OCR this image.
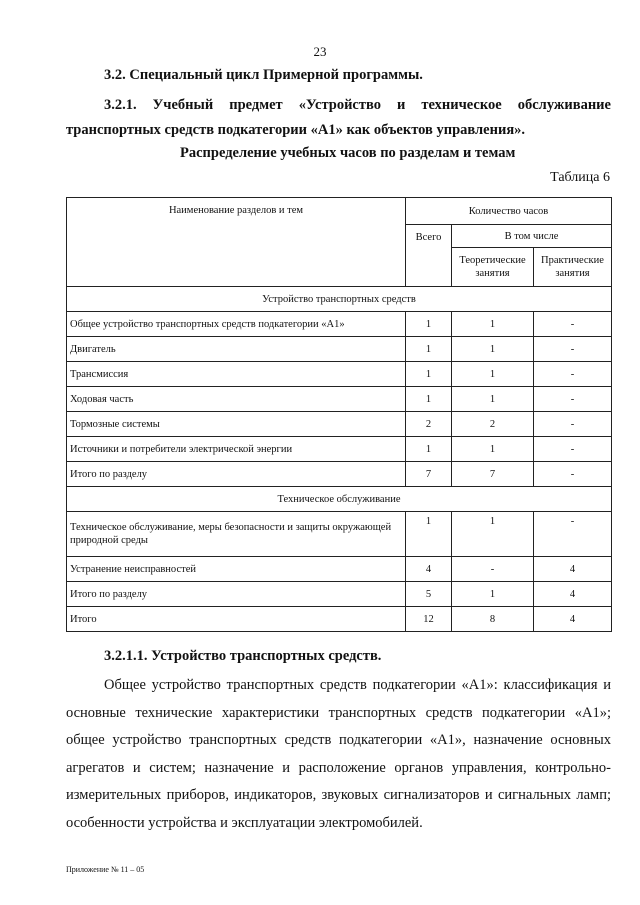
23
3.2. Специальный цикл Примерной программы.
3.2.1. Учебный предмет «Устройство и техническое обслуживание
транспортных средств подкатегории «А1» как объектов управления».
Распределение учебных часов по разделам и темам
Таблица 6
Наименование разделов и тем	Количество часов		
	Всего	В том числе	
		Теоретические занятия	Практические занятия
Устройство транспортных средств			
Общее устройство транспортных средств подкатегории «А1»	1	1	-
Двигатель	1	1	-
Трансмиссия	1	1	-
Ходовая часть	1	1	-
Тормозные системы	2	2	-
Источники и потребители электрической энергии	1	1	-
Итого по разделу	7	7	-
Техническое обслуживание			
Техническое обслуживание, меры безопасности и защиты окружающей природной среды	1	1	-
Устранение неисправностей	4	-	4
Итого по разделу	5	1	4
Итого	12	8	4
3.2.1.1. Устройство транспортных средств.

Общее устройство транспортных средств подкатегории «А1»: классификация и основные технические характеристики транспортных средств подкатегории «А1»; общее устройство транспортных средств подкатегории «А1», назначение основных агрегатов и систем; назначение и расположение органов управления, контрольно-измерительных приборов, индикаторов, звуковых сигнализаторов и сигнальных ламп; особенности устройства и эксплуатации электромобилей.

Приложение № 11 – 05
